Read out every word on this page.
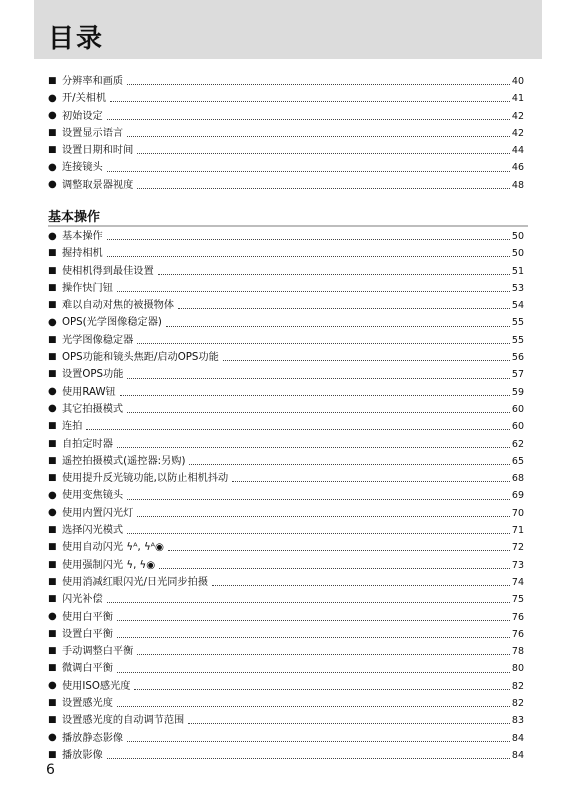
目录
■
分辨率和画质	40
●
开/关相机	41
●
初始设定	42
■
设置显示语言	42
■
设置日期和时间	44
●
连接镜头	46
●
调整取景器视度	48
基本操作
●
基本操作	50
■
握持相机	50
■
使相机得到最佳设置	51
■
操作快门钮	53
■
难以自动对焦的被摄物体	54
●
OPS(光学图像稳定器)	55
■
光学图像稳定器	55
■
OPS功能和镜头焦距/启动OPS功能	56
■
设置OPS功能	57
●
使用RAW钮	59
●
其它拍摄模式	60
■
连拍	60
■
自拍定时器	62
■
遥控拍摄模式(遥控器:另购)	65
■
使用提升反光镜功能,以防止相机抖动	68
●
使用变焦镜头	69
●
使用内置闪光灯	70
■
选择闪光模式	71
■
使用自动闪光 ϟᴬ, ϟᴬ◉	72
■
使用强制闪光 ϟ, ϟ◉	73
■
使用消减红眼闪光/日光同步拍摄	74
■
闪光补偿	75
●
使用白平衡	76
■
设置白平衡	76
■
手动调整白平衡	78
■
微调白平衡	80
●
使用ISO感光度	82
■
设置感光度	82
■
设置感光度的自动调节范围	83
●
播放静态影像	84
■
播放影像	84
6
